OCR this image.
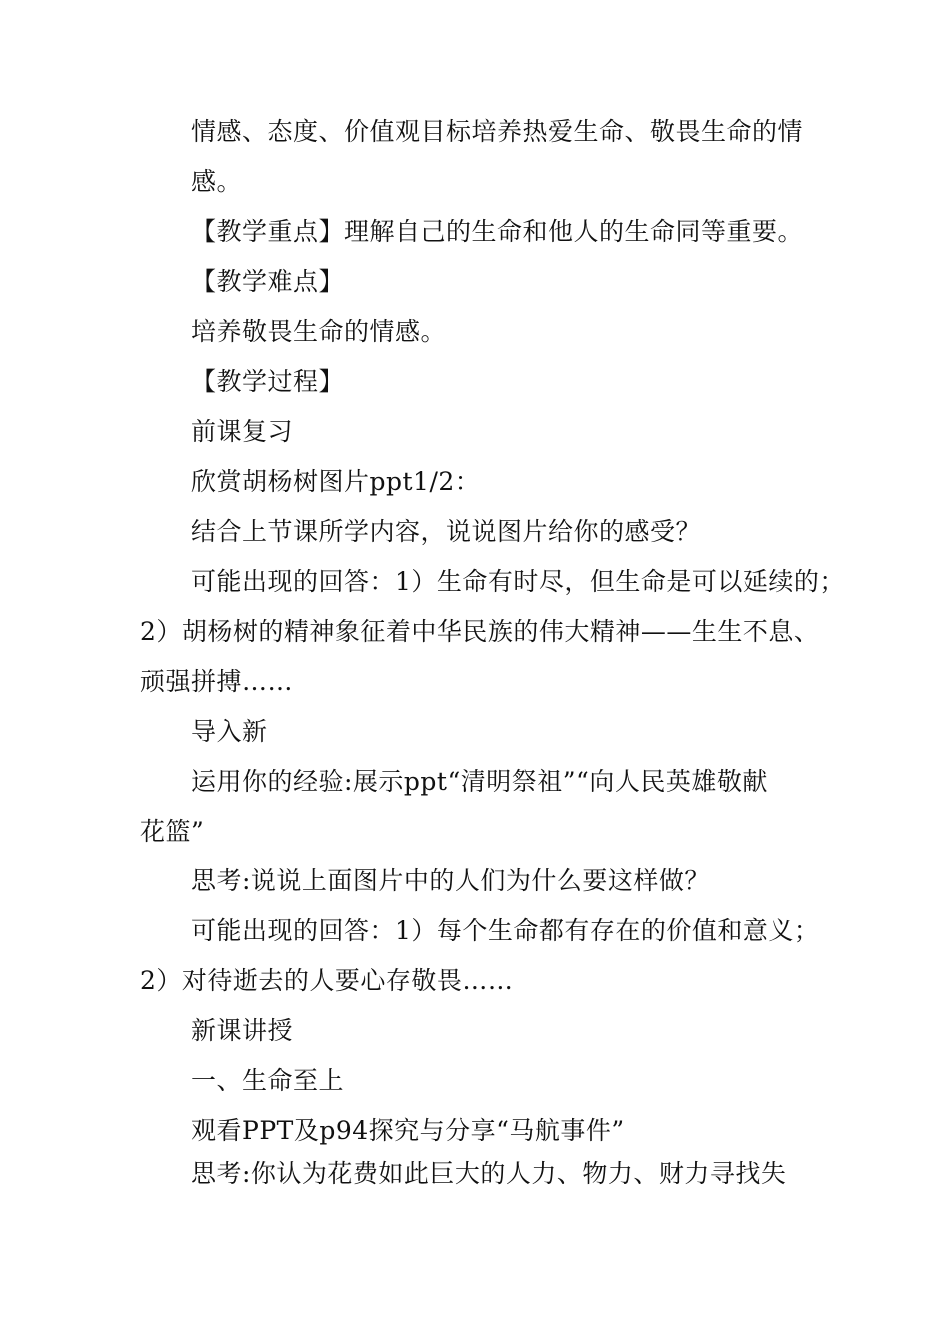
情感、态度、价值观目标培养热爱生命、敬畏生命的情
感。
【教学重点】理解自己的生命和他人的生命同等重要。
【教学难点】
培养敬畏生命的情感。
【教学过程】
前课复习
欣赏胡杨树图片ppt1/2：
结合上节课所学内容，说说图片给你的感受？
可能出现的回答：1）生命有时尽，但生命是可以延续的；
2）胡杨树的精神象征着中华民族的伟大精神——生生不息、
顽强拼搏……
导入新
运用你的经验:展示ppt“清明祭祖”“向人民英雄敬献
花篮”
思考:说说上面图片中的人们为什么要这样做？
可能出现的回答：1）每个生命都有存在的价值和意义；
2）对待逝去的人要心存敬畏……
新课讲授
一、生命至上
观看PPT及p94探究与分享“马航事件”
思考:你认为花费如此巨大的人力、物力、财力寻找失
